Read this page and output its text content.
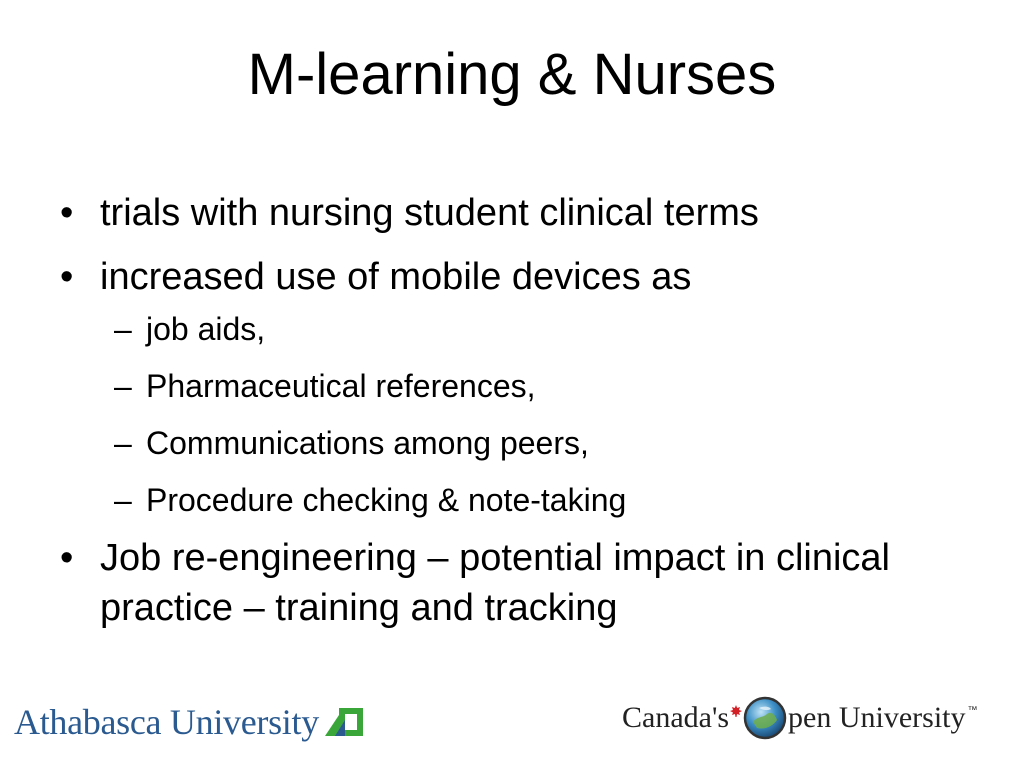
M-learning & Nurses
• trials with nursing student clinical terms
• increased use of mobile devices as
– job aids,
– Pharmaceutical references,
– Communications among peers,
– Procedure checking & note-taking
• Job re-engineering – potential impact in clinical practice – training and tracking
Athabasca University	Canada's pen University ™
